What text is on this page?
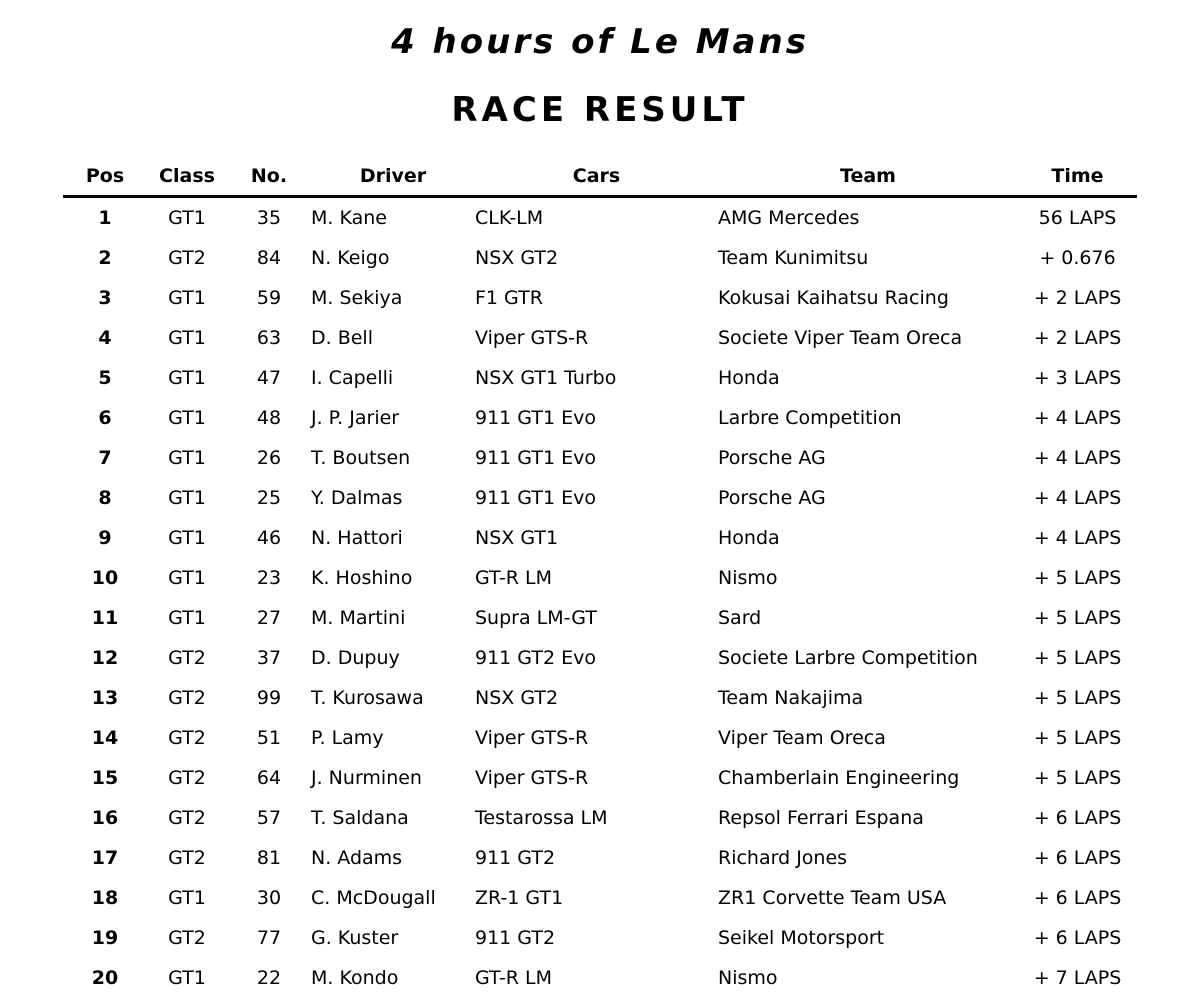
4 hours of Le Mans
RACE RESULT
Pos	Class	No.	Driver	Cars	Team	Time
1	GT1	35	M. Kane	CLK-LM	AMG Mercedes	56 LAPS
2	GT2	84	N. Keigo	NSX GT2	Team Kunimitsu	+ 0.676
3	GT1	59	M. Sekiya	F1 GTR	Kokusai Kaihatsu Racing	+ 2 LAPS
4	GT1	63	D. Bell	Viper GTS-R	Societe Viper Team Oreca	+ 2 LAPS
5	GT1	47	I. Capelli	NSX GT1 Turbo	Honda	+ 3 LAPS
6	GT1	48	J. P. Jarier	911 GT1 Evo	Larbre Competition	+ 4 LAPS
7	GT1	26	T. Boutsen	911 GT1 Evo	Porsche AG	+ 4 LAPS
8	GT1	25	Y. Dalmas	911 GT1 Evo	Porsche AG	+ 4 LAPS
9	GT1	46	N. Hattori	NSX GT1	Honda	+ 4 LAPS
10	GT1	23	K. Hoshino	GT-R LM	Nismo	+ 5 LAPS
11	GT1	27	M. Martini	Supra LM-GT	Sard	+ 5 LAPS
12	GT2	37	D. Dupuy	911 GT2 Evo	Societe Larbre Competition	+ 5 LAPS
13	GT2	99	T. Kurosawa	NSX GT2	Team Nakajima	+ 5 LAPS
14	GT2	51	P. Lamy	Viper GTS-R	Viper Team Oreca	+ 5 LAPS
15	GT2	64	J. Nurminen	Viper GTS-R	Chamberlain Engineering	+ 5 LAPS
16	GT2	57	T. Saldana	Testarossa LM	Repsol Ferrari Espana	+ 6 LAPS
17	GT2	81	N. Adams	911 GT2	Richard Jones	+ 6 LAPS
18	GT1	30	C. McDougall	ZR-1 GT1	ZR1 Corvette Team USA	+ 6 LAPS
19	GT2	77	G. Kuster	911 GT2	Seikel Motorsport	+ 6 LAPS
20	GT1	22	M. Kondo	GT-R LM	Nismo	+ 7 LAPS
